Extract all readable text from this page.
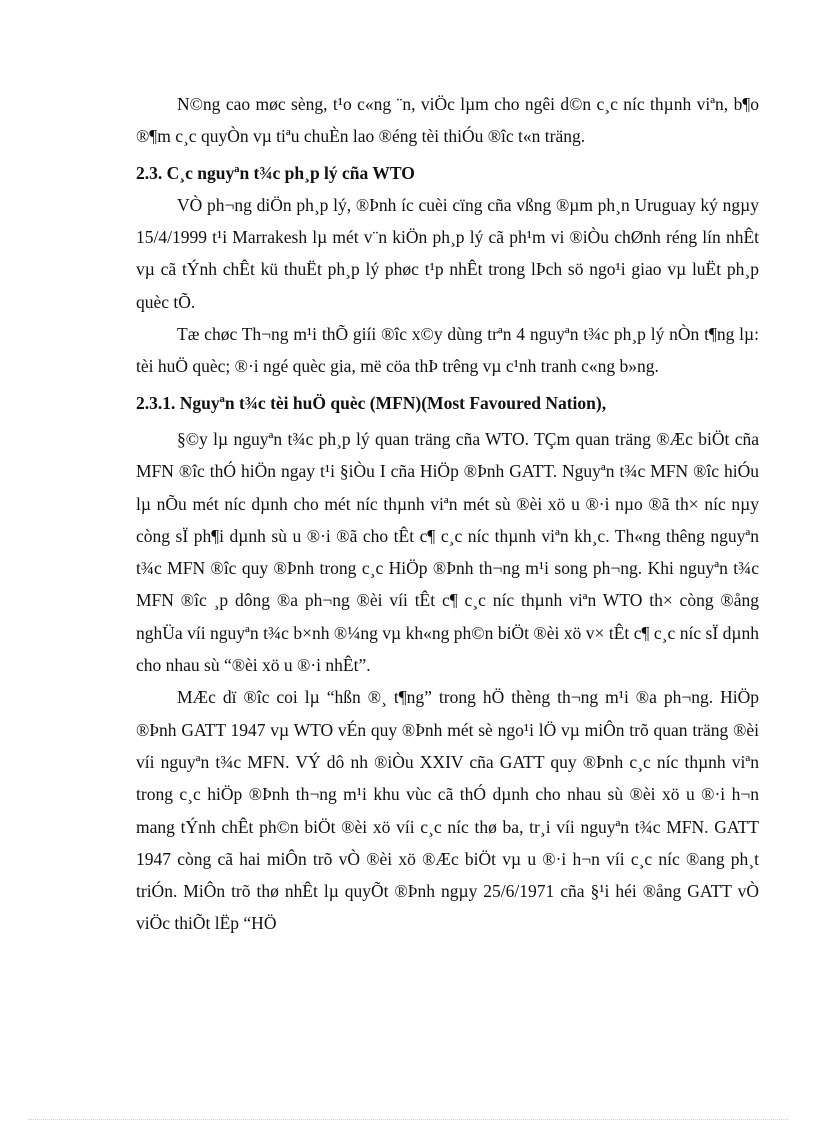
N©ng cao møc sèng, t¹o c«ng ¨n, viÖc lµm cho ngêi d©n c¸c níc thµnh viªn, b¶o ®¶m c¸c quyÒn vµ tiªu chuÈn lao ®éng tèi thiÓu ®îc t«n träng.

2.3. C¸c nguyªn t¾c ph¸p lý cña WTO

VÒ ph¬ng diÖn ph¸p lý, ®Þnh íc cuèi cïng cña vßng ®µm ph¸n Uruguay ký ngµy 15/4/1999 t¹i Marrakesh lµ mét v¨n kiÖn ph¸p lý cã ph¹m vi ®iÒu chØnh réng lín nhÊt vµ cã tÝnh chÊt kü thuËt ph¸p lý phøc t¹p nhÊt trong lÞch sö ngo¹i giao vµ luËt ph¸p quèc tÕ.

Tæ chøc Th¬ng m¹i thÕ giíi ®îc x©y dùng trªn 4 nguyªn t¾c ph¸p lý nÒn t¶ng lµ: tèi huÖ quèc; ®·i ngé quèc gia, më cöa thÞ trêng vµ c¹nh tranh c«ng b»ng.

2.3.1. Nguyªn t¾c tèi huÖ quèc (MFN)(Most Favoured Nation),

§©y lµ nguyªn t¾c ph¸p lý quan träng cña WTO. TÇm quan träng ®Æc biÖt cña MFN ®îc thÓ hiÖn ngay t¹i §iÒu I cña HiÖp ®Þnh GATT. Nguyªn t¾c MFN ®îc hiÓu lµ nÕu mét níc dµnh cho mét níc thµnh viªn mét sù ®èi xö u ®·i nµo ®ã th× níc nµy còng sÏ ph¶i dµnh sù u ®·i ®ã cho tÊt c¶ c¸c níc thµnh viªn kh¸c. Th«ng thêng nguyªn t¾c MFN ®îc quy ®Þnh trong c¸c HiÖp ®Þnh th¬ng m¹i song ph¬ng. Khi nguyªn t¾c MFN ®îc ¸p dông ®a ph¬ng ®èi víi tÊt c¶ c¸c níc thµnh viªn WTO th× còng ®ång nghÜa víi nguyªn t¾c b×nh ®¼ng vµ kh«ng ph©n biÖt ®èi xö v× tÊt c¶ c¸c níc sÏ dµnh cho nhau sù “®èi xö u ®·i nhÊt”.

MÆc dï ®îc coi lµ “hßn ®¸ t¶ng” trong hÖ thèng th¬ng m¹i ®a ph¬ng. HiÖp ®Þnh GATT 1947 vµ WTO vÉn quy ®Þnh mét sè ngo¹i lÖ vµ miÔn trõ quan träng ®èi víi nguyªn t¾c MFN. VÝ dô nh ®iÒu XXIV cña GATT quy ®Þnh c¸c níc thµnh viªn trong c¸c hiÖp ®Þnh th¬ng m¹i khu vùc cã thÓ dµnh cho nhau sù ®èi xö u ®·i h¬n mang tÝnh chÊt ph©n biÖt ®èi xö víi c¸c níc thø ba, tr¸i víi nguyªn t¾c MFN. GATT 1947 còng cã hai miÔn trõ vÒ ®èi xö ®Æc biÖt vµ u ®·i h¬n víi c¸c níc ®ang ph¸t triÓn. MiÔn trõ thø nhÊt lµ quyÕt ®Þnh ngµy 25/6/1971 cña §¹i héi ®ång GATT vÒ viÖc thiÕt lËp “HÖ
